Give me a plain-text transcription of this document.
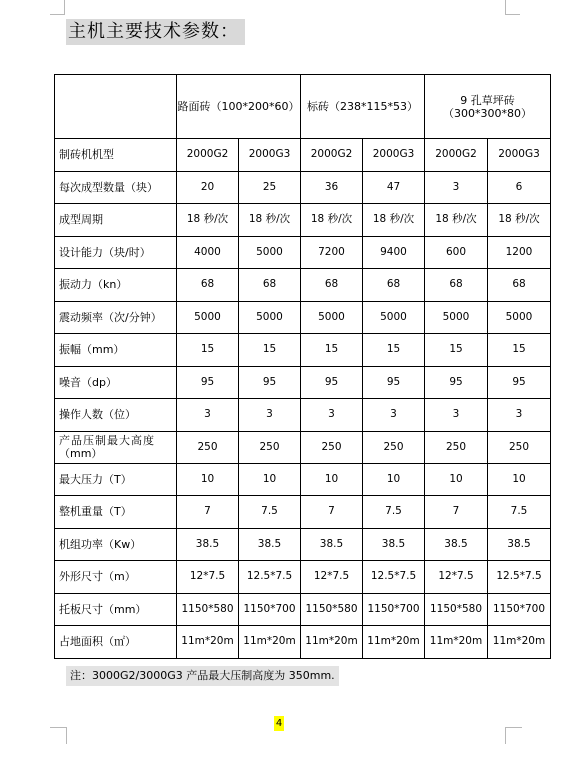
主机主要技术参数：
	路面砖（100*200*60）		标砖（238*115*53）		9 孔草坪砖
（300*300*80）	

制砖机机型	2000G2	2000G3	2000G2	2000G3	2000G2	2000G3
每次成型数量（块）	20	25	36	47	3	6
成型周期	18 秒/次	18 秒/次	18 秒/次	18 秒/次	18 秒/次	18 秒/次
设计能力（块/时）	4000	5000	7200	9400	600	1200
振动力（kn）	68	68	68	68	68	68
震动频率（次/分钟）	5000	5000	5000	5000	5000	5000
振幅（mm）	15	15	15	15	15	15
噪音（dp）	95	95	95	95	95	95
操作人数（位）	3	3	3	3	3	3

产品压制最大高度
（mm）	250	250	250	250	250	250
最大压力（T）	10	10	10	10	10	10
整机重量（T）	7	7.5	7	7.5	7	7.5
机组功率（Kw）	38.5	38.5	38.5	38.5	38.5	38.5
外形尺寸（m）	12*7.5	12.5*7.5	12*7.5	12.5*7.5	12*7.5	12.5*7.5
托板尺寸（mm）	1150*580	1150*700	1150*580	1150*700	1150*580	1150*700
占地面积（㎡）	11m*20m	11m*20m	11m*20m	11m*20m	11m*20m	11m*20m
注：3000G2/3000G3 产品最大压制高度为 350mm.
4
